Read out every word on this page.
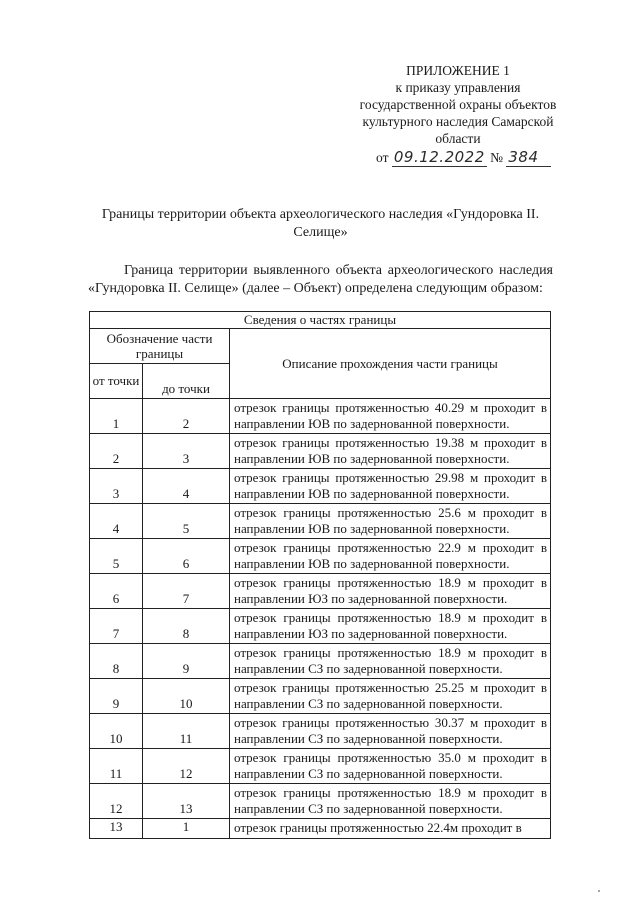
ПРИЛОЖЕНИЕ 1
к приказу управления
государственной охраны объектов
культурного наследия Самарской
области
от 09.12.2022 № 384
Границы территории объекта археологического наследия «Гундоровка II. Селище»
Граница территории выявленного объекта археологического наследия «Гундоровка II. Селище» (далее – Объект) определена следующим образом:
Сведения о частях границы		
Обозначение части границы		Описание прохождения части границы
от точки	до точки	
1	2	отрезок границы протяженностью 40.29 м проходит в направлении ЮВ по задернованной поверхности.
2	3	отрезок границы протяженностью 19.38 м проходит в направлении ЮВ по задернованной поверхности.
3	4	отрезок границы протяженностью 29.98 м проходит в направлении ЮВ по задернованной поверхности.
4	5	отрезок границы протяженностью 25.6 м проходит в направлении ЮВ по задернованной поверхности.
5	6	отрезок границы протяженностью 22.9 м проходит в направлении ЮВ по задернованной поверхности.
6	7	отрезок границы протяженностью 18.9 м проходит в направлении ЮЗ по задернованной поверхности.
7	8	отрезок границы протяженностью 18.9 м проходит в направлении ЮЗ по задернованной поверхности.
8	9	отрезок границы протяженностью 18.9 м проходит в направлении СЗ по задернованной поверхности.
9	10	отрезок границы протяженностью 25.25 м проходит в направлении СЗ по задернованной поверхности.
10	11	отрезок границы протяженностью 30.37 м проходит в направлении СЗ по задернованной поверхности.
11	12	отрезок границы протяженностью 35.0 м проходит в направлении СЗ по задернованной поверхности.
12	13	отрезок границы протяженностью 18.9 м проходит в направлении СЗ по задернованной поверхности.
13	1	отрезок границы протяженностью 22.4м проходит в
